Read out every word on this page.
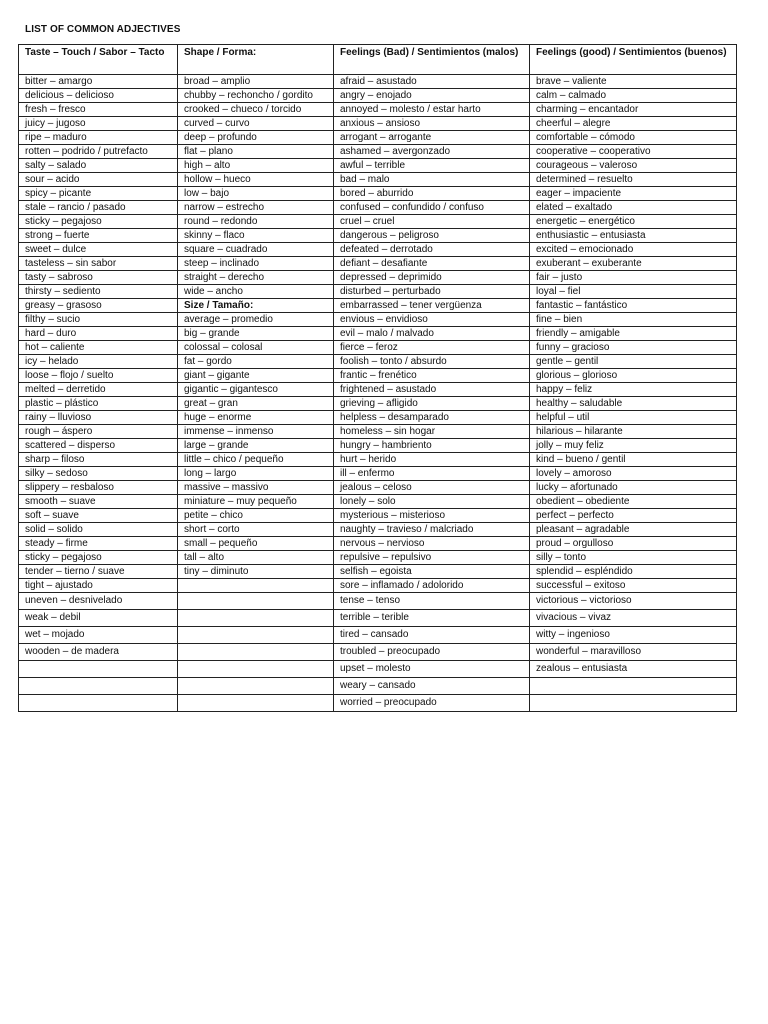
LIST OF COMMON ADJECTIVES
Taste – Touch / Sabor – Tacto	Shape / Forma:	Feelings (Bad) / Sentimientos (malos)	Feelings (good) / Sentimientos (buenos)
bitter – amargo	broad – amplio	afraid – asustado	brave – valiente
delicious – delicioso	chubby – rechoncho / gordito	angry – enojado	calm – calmado
fresh – fresco	crooked – chueco / torcido	annoyed – molesto / estar harto	charming – encantador
juicy – jugoso	curved – curvo	anxious – ansioso	cheerful – alegre
ripe – maduro	deep – profundo	arrogant – arrogante	comfortable – cómodo
rotten – podrido / putrefacto	flat – plano	ashamed – avergonzado	cooperative – cooperativo
salty – salado	high – alto	awful – terrible	courageous – valeroso
sour – acido	hollow – hueco	bad – malo	determined – resuelto
spicy – picante	low – bajo	bored – aburrido	eager – impaciente
stale – rancio / pasado	narrow – estrecho	confused – confundido / confuso	elated – exaltado
sticky – pegajoso	round – redondo	cruel – cruel	energetic – energético
strong – fuerte	skinny – flaco	dangerous – peligroso	enthusiastic – entusiasta
sweet – dulce	square – cuadrado	defeated – derrotado	excited – emocionado
tasteless – sin sabor	steep – inclinado	defiant – desafiante	exuberant – exuberante
tasty – sabroso	straight – derecho	depressed – deprimido	fair – justo
thirsty – sediento	wide – ancho	disturbed – perturbado	loyal – fiel
greasy – grasoso	Size / Tamaño:	embarrassed – tener vergüenza	fantastic – fantástico
filthy – sucio	average – promedio	envious – envidioso	fine – bien
hard – duro	big – grande	evil – malo / malvado	friendly – amigable
hot – caliente	colossal – colosal	fierce – feroz	funny – gracioso
icy – helado	fat – gordo	foolish – tonto / absurdo	gentle – gentil
loose – flojo / suelto	giant – gigante	frantic – frenético	glorious – glorioso
melted – derretido	gigantic – gigantesco	frightened – asustado	happy – feliz
plastic – plástico	great – gran	grieving – afligido	healthy – saludable
rainy – lluvioso	huge – enorme	helpless – desamparado	helpful – util
rough – áspero	immense – inmenso	homeless – sin hogar	hilarious – hilarante
scattered – disperso	large – grande	hungry – hambriento	jolly – muy feliz
sharp – filoso	little – chico / pequeño	hurt – herido	kind – bueno / gentil
silky – sedoso	long – largo	ill – enfermo	lovely – amoroso
slippery – resbaloso	massive – massivo	jealous – celoso	lucky – afortunado
smooth – suave	miniature – muy pequeño	lonely – solo	obedient – obediente
soft – suave	petite – chico	mysterious – misterioso	perfect – perfecto
solid – solido	short – corto	naughty – travieso / malcriado	pleasant – agradable
steady – firme	small – pequeño	nervous – nervioso	proud – orgulloso
sticky – pegajoso	tall – alto	repulsive – repulsivo	silly – tonto
tender – tierno / suave	tiny – diminuto	selfish – egoista	splendid – espléndido
tight – ajustado		sore – inflamado / adolorido	successful – exitoso
uneven – desnivelado		tense – tenso	victorious – victorioso
weak – debil		terrible – terible	vivacious – vivaz
wet – mojado		tired – cansado	witty – ingenioso
wooden – de madera		troubled – preocupado	wonderful – maravilloso
		upset – molesto	zealous – entusiasta
		weary – cansado	
		worried – preocupado	
